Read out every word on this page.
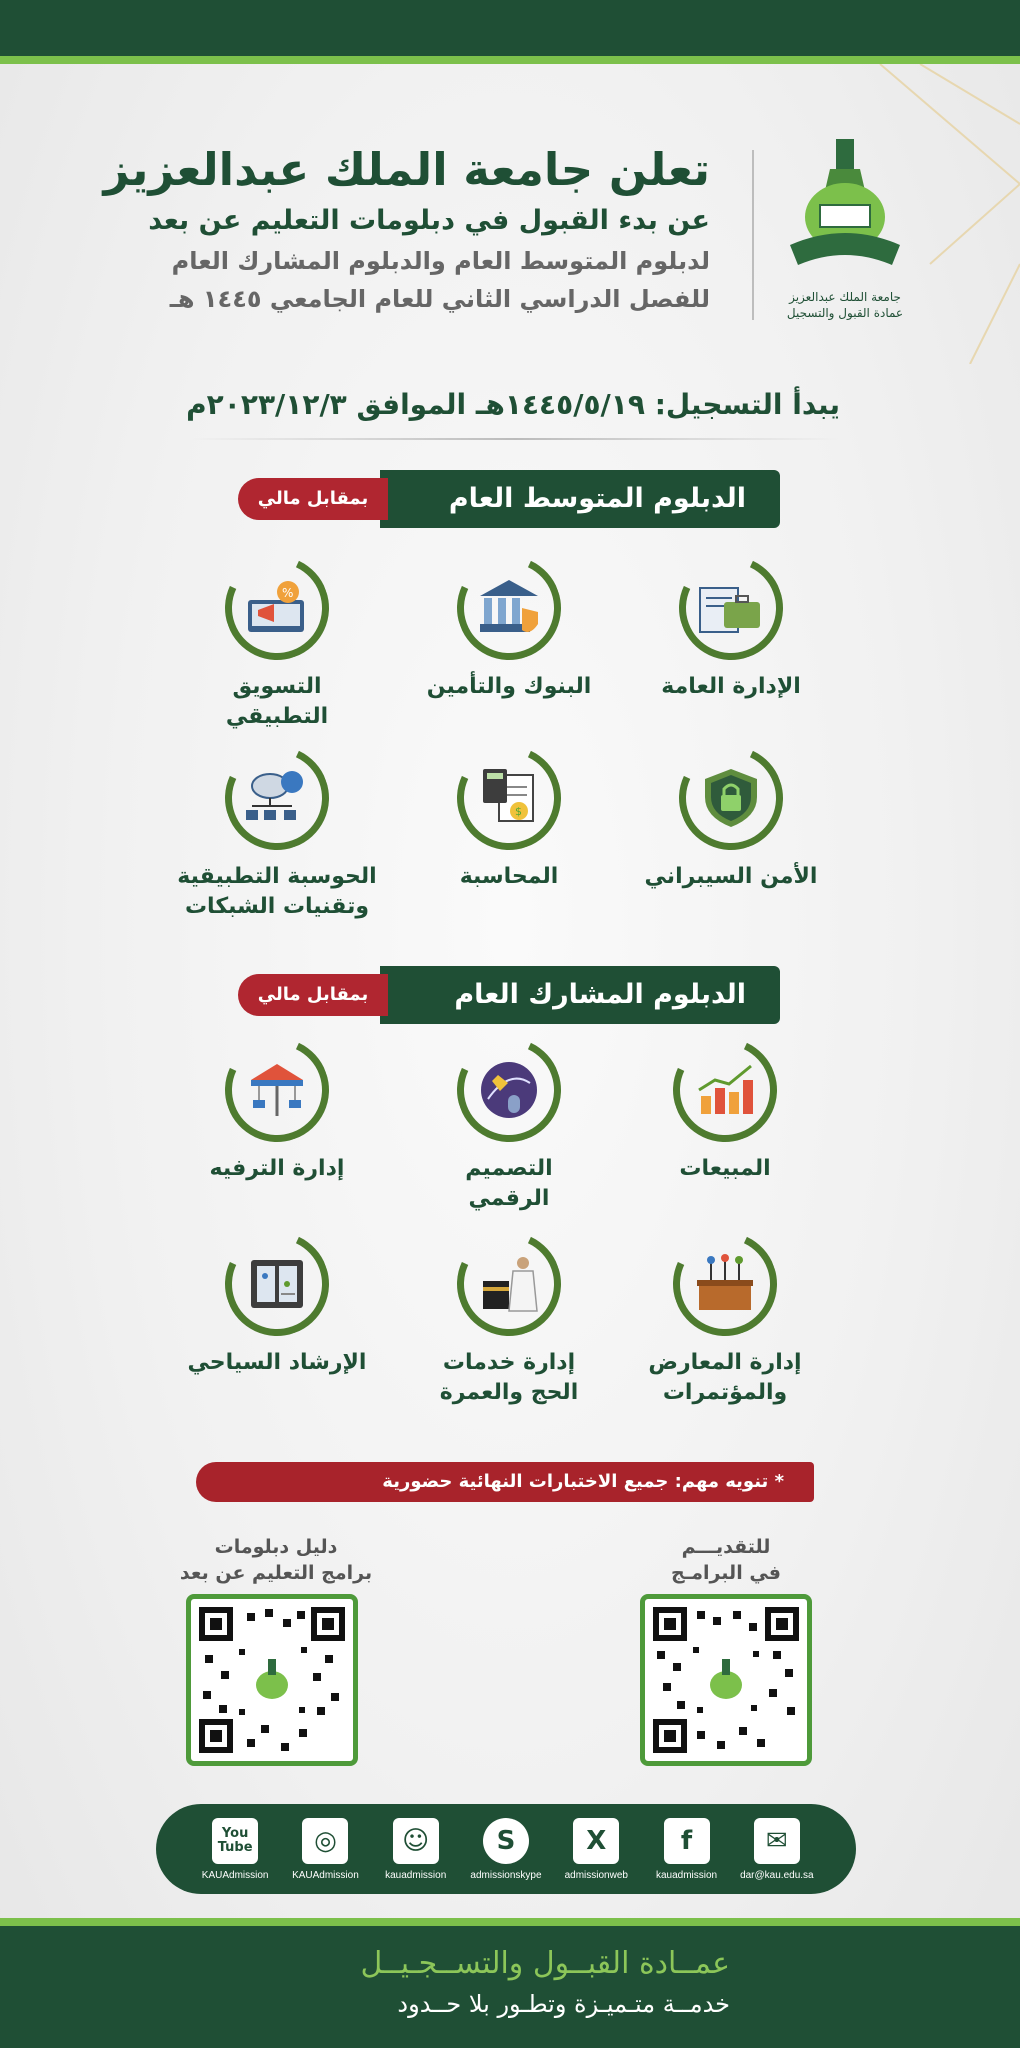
تعلن جامعة الملك عبدالعزيز
عن بدء القبول في دبلومات التعليم عن بعد
لدبلوم المتوسط العام والدبلوم المشارك العام
للفصل الدراسي الثاني للعام الجامعي ١٤٤٥ هـ	جامعة الملك عبدالعزيز
عمادة القبول والتسجيل
يبدأ التسجيل: ١٤٤٥/٥/١٩هـ الموافق ٢٠٢٣/١٢/٣م
الدبلوم المتوسط العام
بمقابل مالي
الإدارة العامة
البنوك والتأمين
%
التسويق
التطبيقي
الأمن السيبراني
$
المحاسبة
الحوسبة التطبيقية
وتقنيات الشبكات
الدبلوم المشارك العام
بمقابل مالي
المبيعات
التصميم
الرقمي
إدارة الترفيه
إدارة المعارض
والمؤتمرات
إدارة خدمات
الحج والعمرة
الإرشاد السياحي
* تنويه مهم: جميع الاختبارات النهائية حضورية
للتقديـــم
في البرامـج
دليل دبلومات
برامج التعليم عن بعد
You
Tube
KAUAdmission
◎
KAUAdmission
☺
kauadmission
S
admissionskype
X
admissionweb
f
kauadmission
✉
dar@kau.edu.sa
عمــادة القبــول والتســجـيــل
خدمــة متـميـزة وتطـور بلا حــدود
